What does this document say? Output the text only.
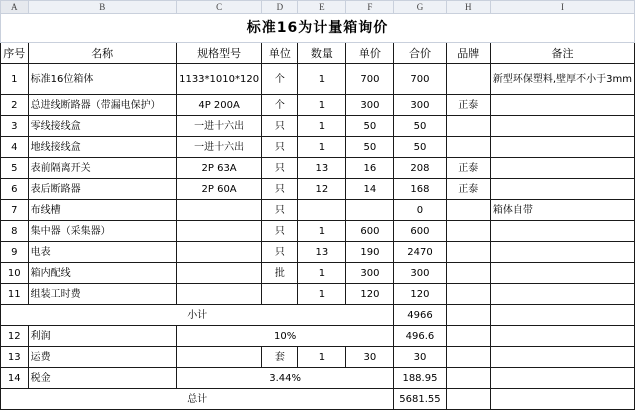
A	B	C	D	E	F	G	H	I
标准16为计量箱询价								
序号	名称	规格型号	单位	数量	单价	合价	品牌	备注
1	标准16位箱体	1133*1010*120	个	1	700	700		新型环保塑料,壁厚不小于3mm
2	总进线断路器（带漏电保护）	4P 200A	个	1	300	300	正泰	
3	零线接线盒	一进十六出	只	1	50	50		
4	地线接线盒	一进十六出	只	1	50	50		
5	表前隔离开关	2P 63A	只	13	16	208	正泰	
6	表后断路器	2P 60A	只	12	14	168	正泰	
7	布线槽		只			0		箱体自带
8	集中器（采集器）		只	1	600	600		
9	电表		只	13	190	2470		
10	箱内配线		批	1	300	300		
11	组装工时费			1	120	120		
小计						4966		
12	利润	10%				496.6		
13	运费		套	1	30	30		
14	税金	3.44%				188.95		
总计						5681.55		
